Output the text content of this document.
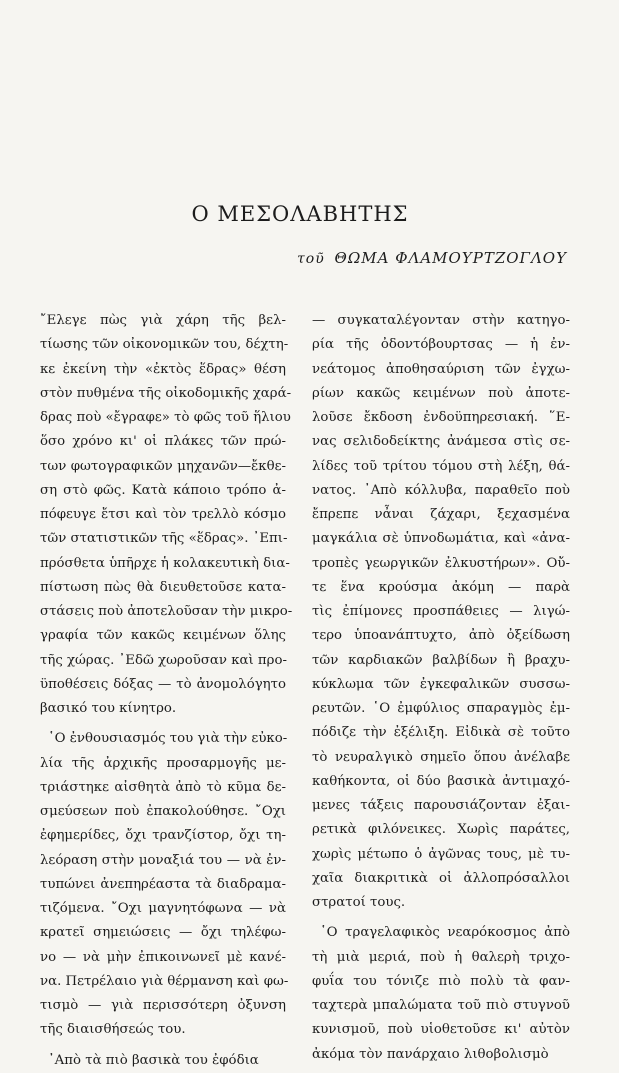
Ο ΜΕΣΟΛΑΒΗΤΗΣ
τοῦ ΘΩΜΑ ΦΛΑΜΟΥΡΤΖΟΓΛΟΥ
῎Ελεγε πὼς γιὰ χάρη τῆς βελ-
τίωσης τῶν οἰκονομικῶν του, δέχτη-
κε ἐκείνη τὴν «ἐκτὸς ἕδρας» θέση
στὸν πυθμένα τῆς οἰκοδομικῆς χαρά-
δρας ποὺ «ἔγραφε» τὸ φῶς τοῦ ἥλιου
ὅσο χρόνο κι' οἱ πλάκες τῶν πρώ-
των φωτογραφικῶν μηχανῶν—ἔκθε-
ση στὸ φῶς. Κατὰ κάποιο τρόπο ἀ-
πόφευγε ἔτσι καὶ τὸν τρελλὸ κόσμο
τῶν στατιστικῶν τῆς «ἕδρας». ᾿Επι-
πρόσθετα ὑπῆρχε ἡ κολακευτικὴ δια-
πίστωση πὼς θὰ διευθετοῦσε κατα-
στάσεις ποὺ ἀποτελοῦσαν τὴν μικρο-
γραφία τῶν κακῶς κειμένων ὅλης
τῆς χώρας. ᾿Εδῶ χωροῦσαν καὶ προ-
ϋποθέσεις δόξας — τὸ ἀνομολόγητο
βασικό του κίνητρο.
῾Ο ἐνθουσιασμός του γιὰ τὴν εὐκο-
λία τῆς ἀρχικῆς προσαρμογῆς με-
τριάστηκε αἰσθητὰ ἀπὸ τὸ κῦμα δε-
σμεύσεων ποὺ ἐπακολούθησε. ῎Οχι
ἐφημερίδες, ὄχι τρανζίστορ, ὄχι τη-
λεόραση στὴν μοναξιά του — νὰ ἐν-
τυπώνει ἀνεπηρέαστα τὰ διαδραμα-
τιζόμενα. ῎Οχι μαγνητόφωνα — νὰ
κρατεῖ σημειώσεις — ὄχι τηλέφω-
νο — νὰ μὴν ἐπικοινωνεῖ μὲ κανέ-
να. Πετρέλαιο γιὰ θέρμανση καὶ φω-
τισμὸ — γιὰ περισσότερη ὀξυνση
τῆς διαισθήσεώς του.
᾿Απὸ τὰ πιὸ βασικὰ του ἐφόδια
— συγκαταλέγονταν στὴν κατηγο-
ρία τῆς ὀδοντόβουρτσας — ἡ ἐν-
νεάτομος ἀποθησαύριση τῶν ἐγχω-
ρίων κακῶς κειμένων ποὺ ἀποτε-
λοῦσε ἔκδοση ἐνδοϋπηρεσιακή. ῞Ε-
νας σελιδοδείκτης ἀνάμεσα στὶς σε-
λίδες τοῦ τρίτου τόμου στὴ λέξη, θά-
νατος. ᾿Απὸ κόλλυβα, παραθεῖο ποὺ
ἔπρεπε νἆναι ζάχαρι, ξεχασμένα
μαγκάλια σὲ ὑπνοδωμάτια, καὶ «ἀνα-
τροπὲς γεωργικῶν ἐλκυστήρων». Οὔ-
τε ἕνα κρούσμα ἀκόμη — παρὰ
τὶς ἐπίμονες προσπάθειες — λιγώ-
τερο ὑποανάπτυχτο, ἀπὸ ὀξείδωση
τῶν καρδιακῶν βαλβίδων ἢ βραχυ-
κύκλωμα τῶν ἐγκεφαλικῶν συσσω-
ρευτῶν. ῾Ο ἐμφύλιος σπαραγμὸς ἐμ-
πόδιζε τὴν ἐξέλιξη. Εἰδικὰ σὲ τοῦτο
τὸ νευραλγικὸ σημεῖο ὅπου ἀνέλαβε
καθήκοντα, οἱ δύο βασικὰ ἀντιμαχό-
μενες τάξεις παρουσιάζονταν ἐξαι-
ρετικὰ φιλόνεικες. Χωρὶς παράτες,
χωρὶς μέτωπο ὁ ἀγῶνας τους, μὲ τυ-
χαῖα διακριτικὰ οἱ ἀλλοπρόσαλλοι
στρατοί τους.
῾Ο τραγελαφικὸς νεαρόκοσμος ἀπὸ
τὴ μιὰ μεριά, ποὺ ἡ θαλερὴ τριχο-
φυΐα του τόνιζε πιὸ πολὺ τὰ φαν-
ταχτερὰ μπαλώματα τοῦ πιὸ στυγνοῦ
κυνισμοῦ, ποὺ υἱοθετοῦσε κι' αὐτὸν
ἀκόμα τὸν πανάρχαιο λιθοβολισμὸ
